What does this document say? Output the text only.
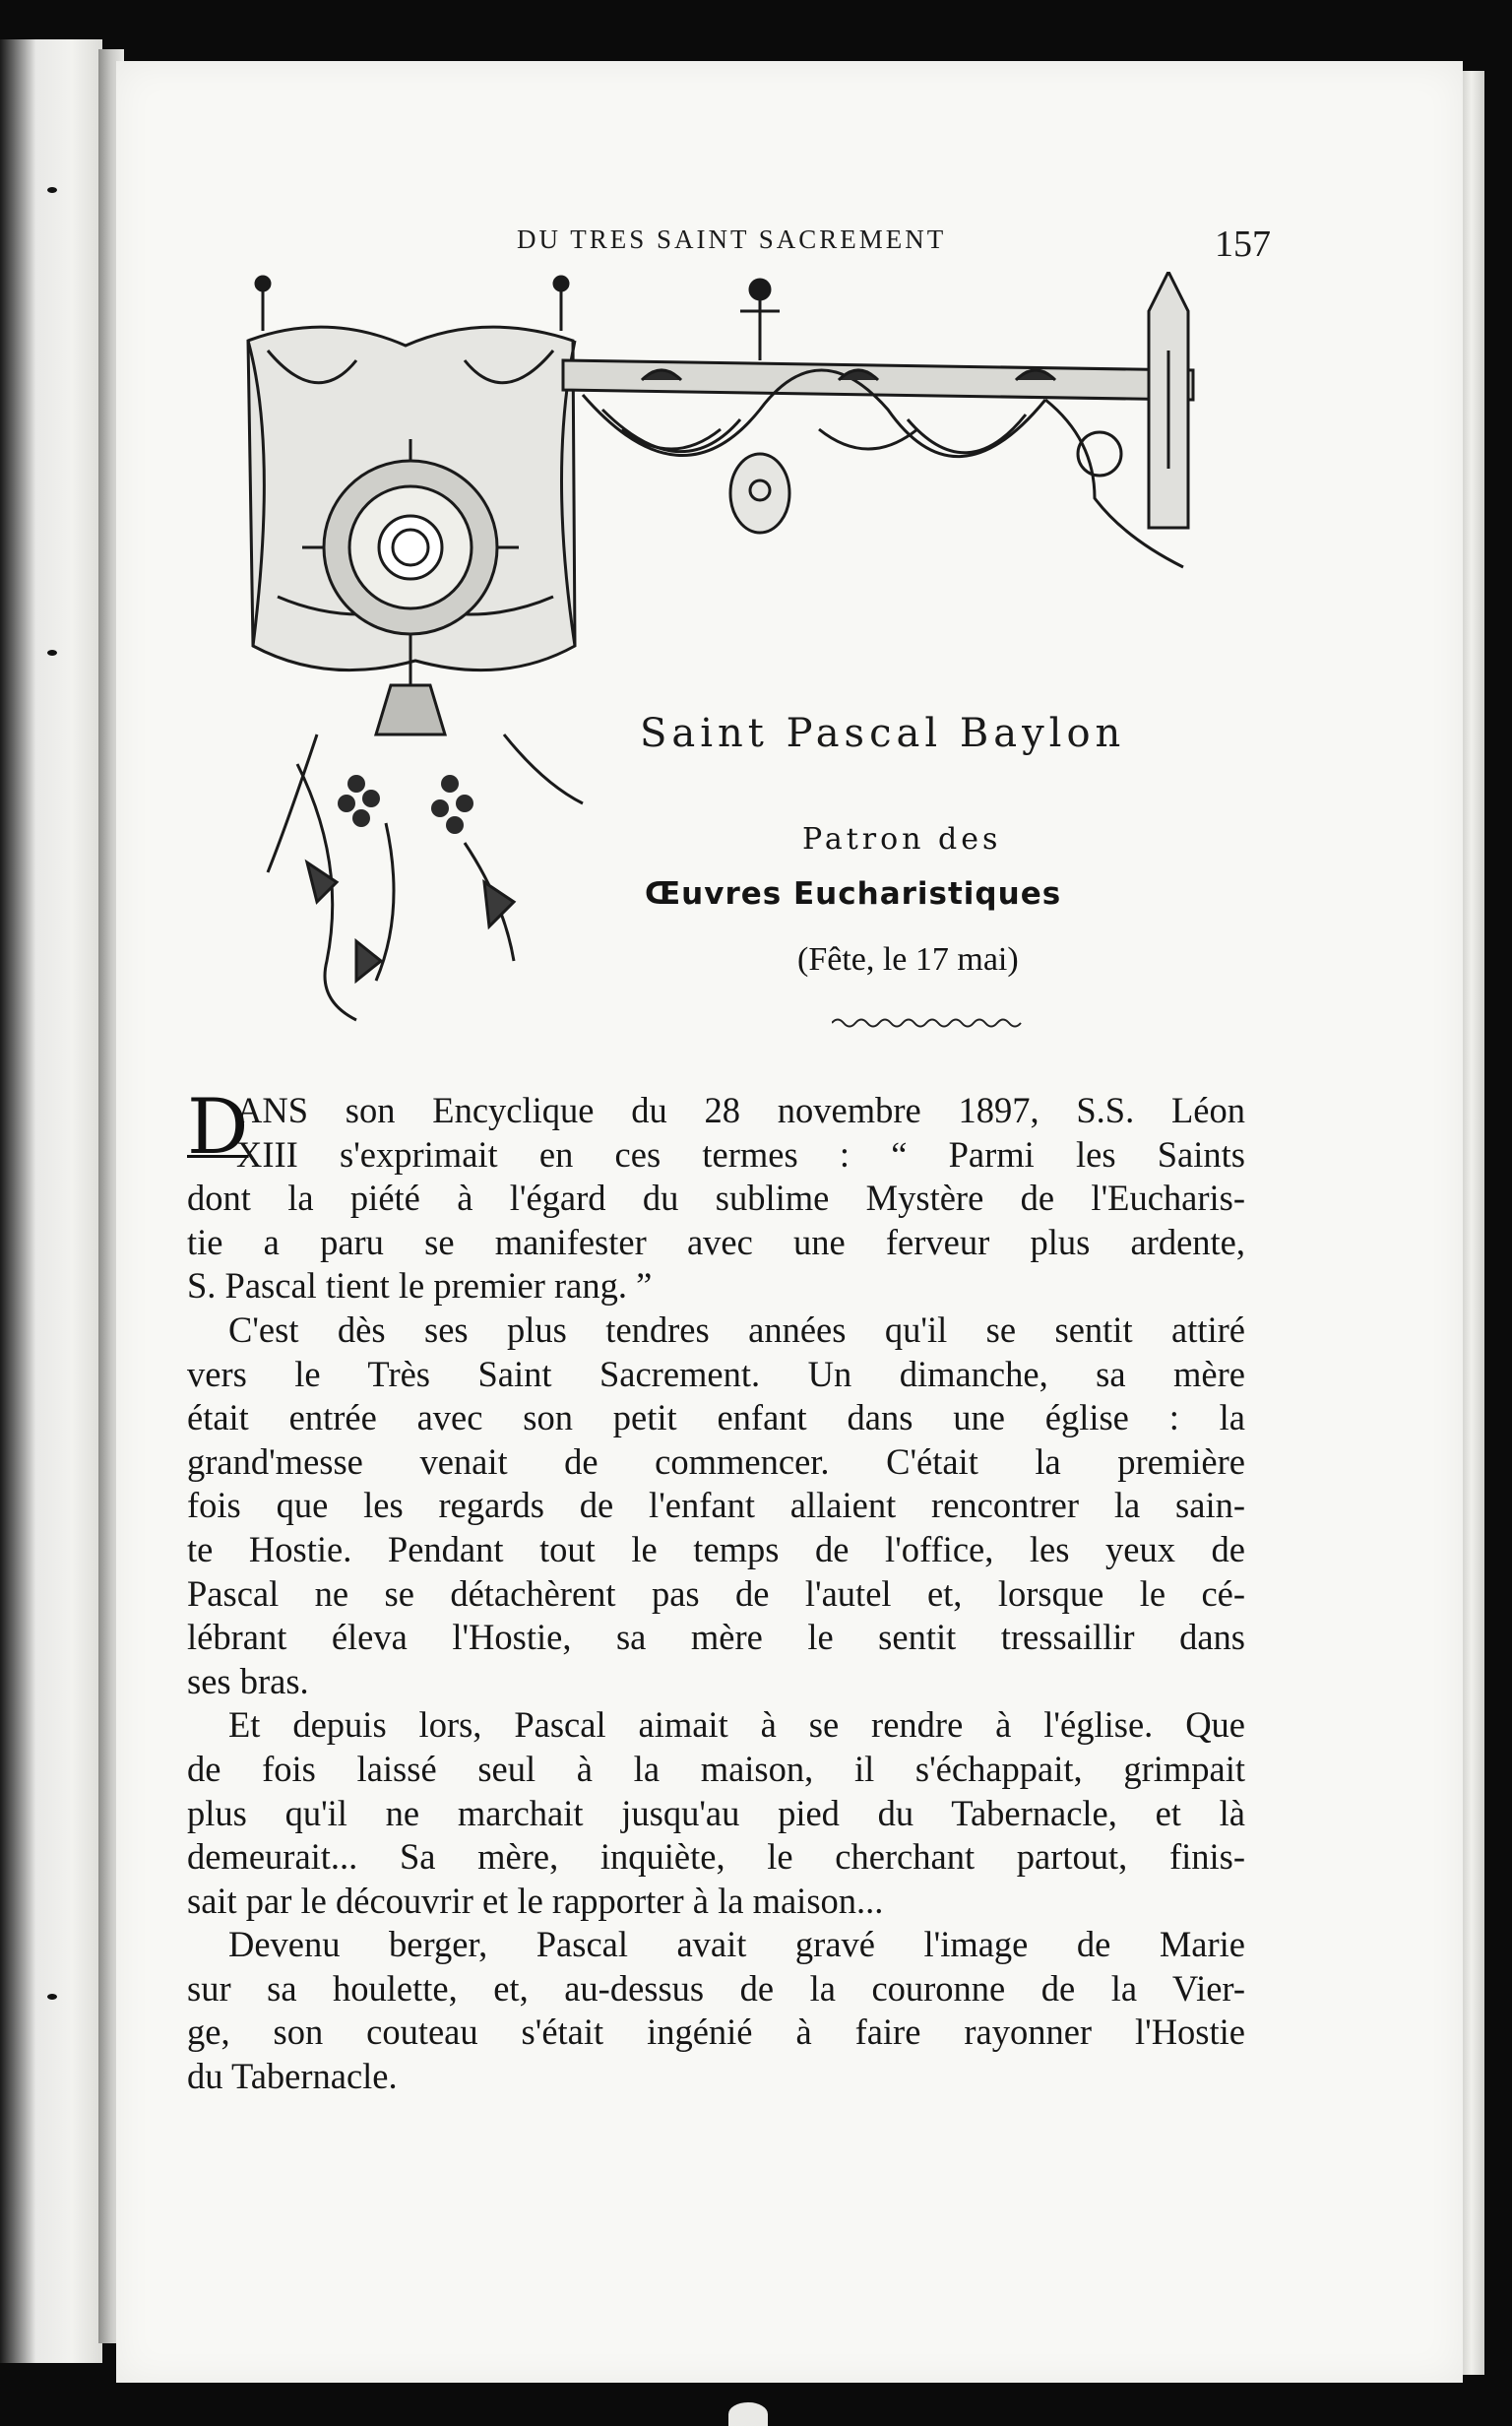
DU TRES SAINT SACREMENT	157
Saint Pascal Baylon
Patron des
Œuvres Eucharistiques
(Fête, le 17 mai)
D
ANS son Encyclique du 28 novembre 1897, S.S. Léon
XIII s'exprimait en ces termes : “ Parmi les Saints
dont la piété à l'égard du sublime Mystère de l'Eucharis-
tie a paru se manifester avec une ferveur plus ardente,
S. Pascal tient le premier rang. ”
C'est dès ses plus tendres années qu'il se sentit attiré
vers le Très Saint Sacrement. Un dimanche, sa mère
était entrée avec son petit enfant dans une église : la
grand'messe venait de commencer. C'était la première
fois que les regards de l'enfant allaient rencontrer la sain-
te Hostie. Pendant tout le temps de l'office, les yeux de
Pascal ne se détachèrent pas de l'autel et, lorsque le cé-
lébrant éleva l'Hostie, sa mère le sentit tressaillir dans
ses bras.
Et depuis lors, Pascal aimait à se rendre à l'église. Que
de fois laissé seul à la maison, il s'échappait, grimpait
plus qu'il ne marchait jusqu'au pied du Tabernacle, et là
demeurait... Sa mère, inquiète, le cherchant partout, finis-
sait par le découvrir et le rapporter à la maison...
Devenu berger, Pascal avait gravé l'image de Marie
sur sa houlette, et, au-dessus de la couronne de la Vier-
ge, son couteau s'était ingénié à faire rayonner l'Hostie
du Tabernacle.
